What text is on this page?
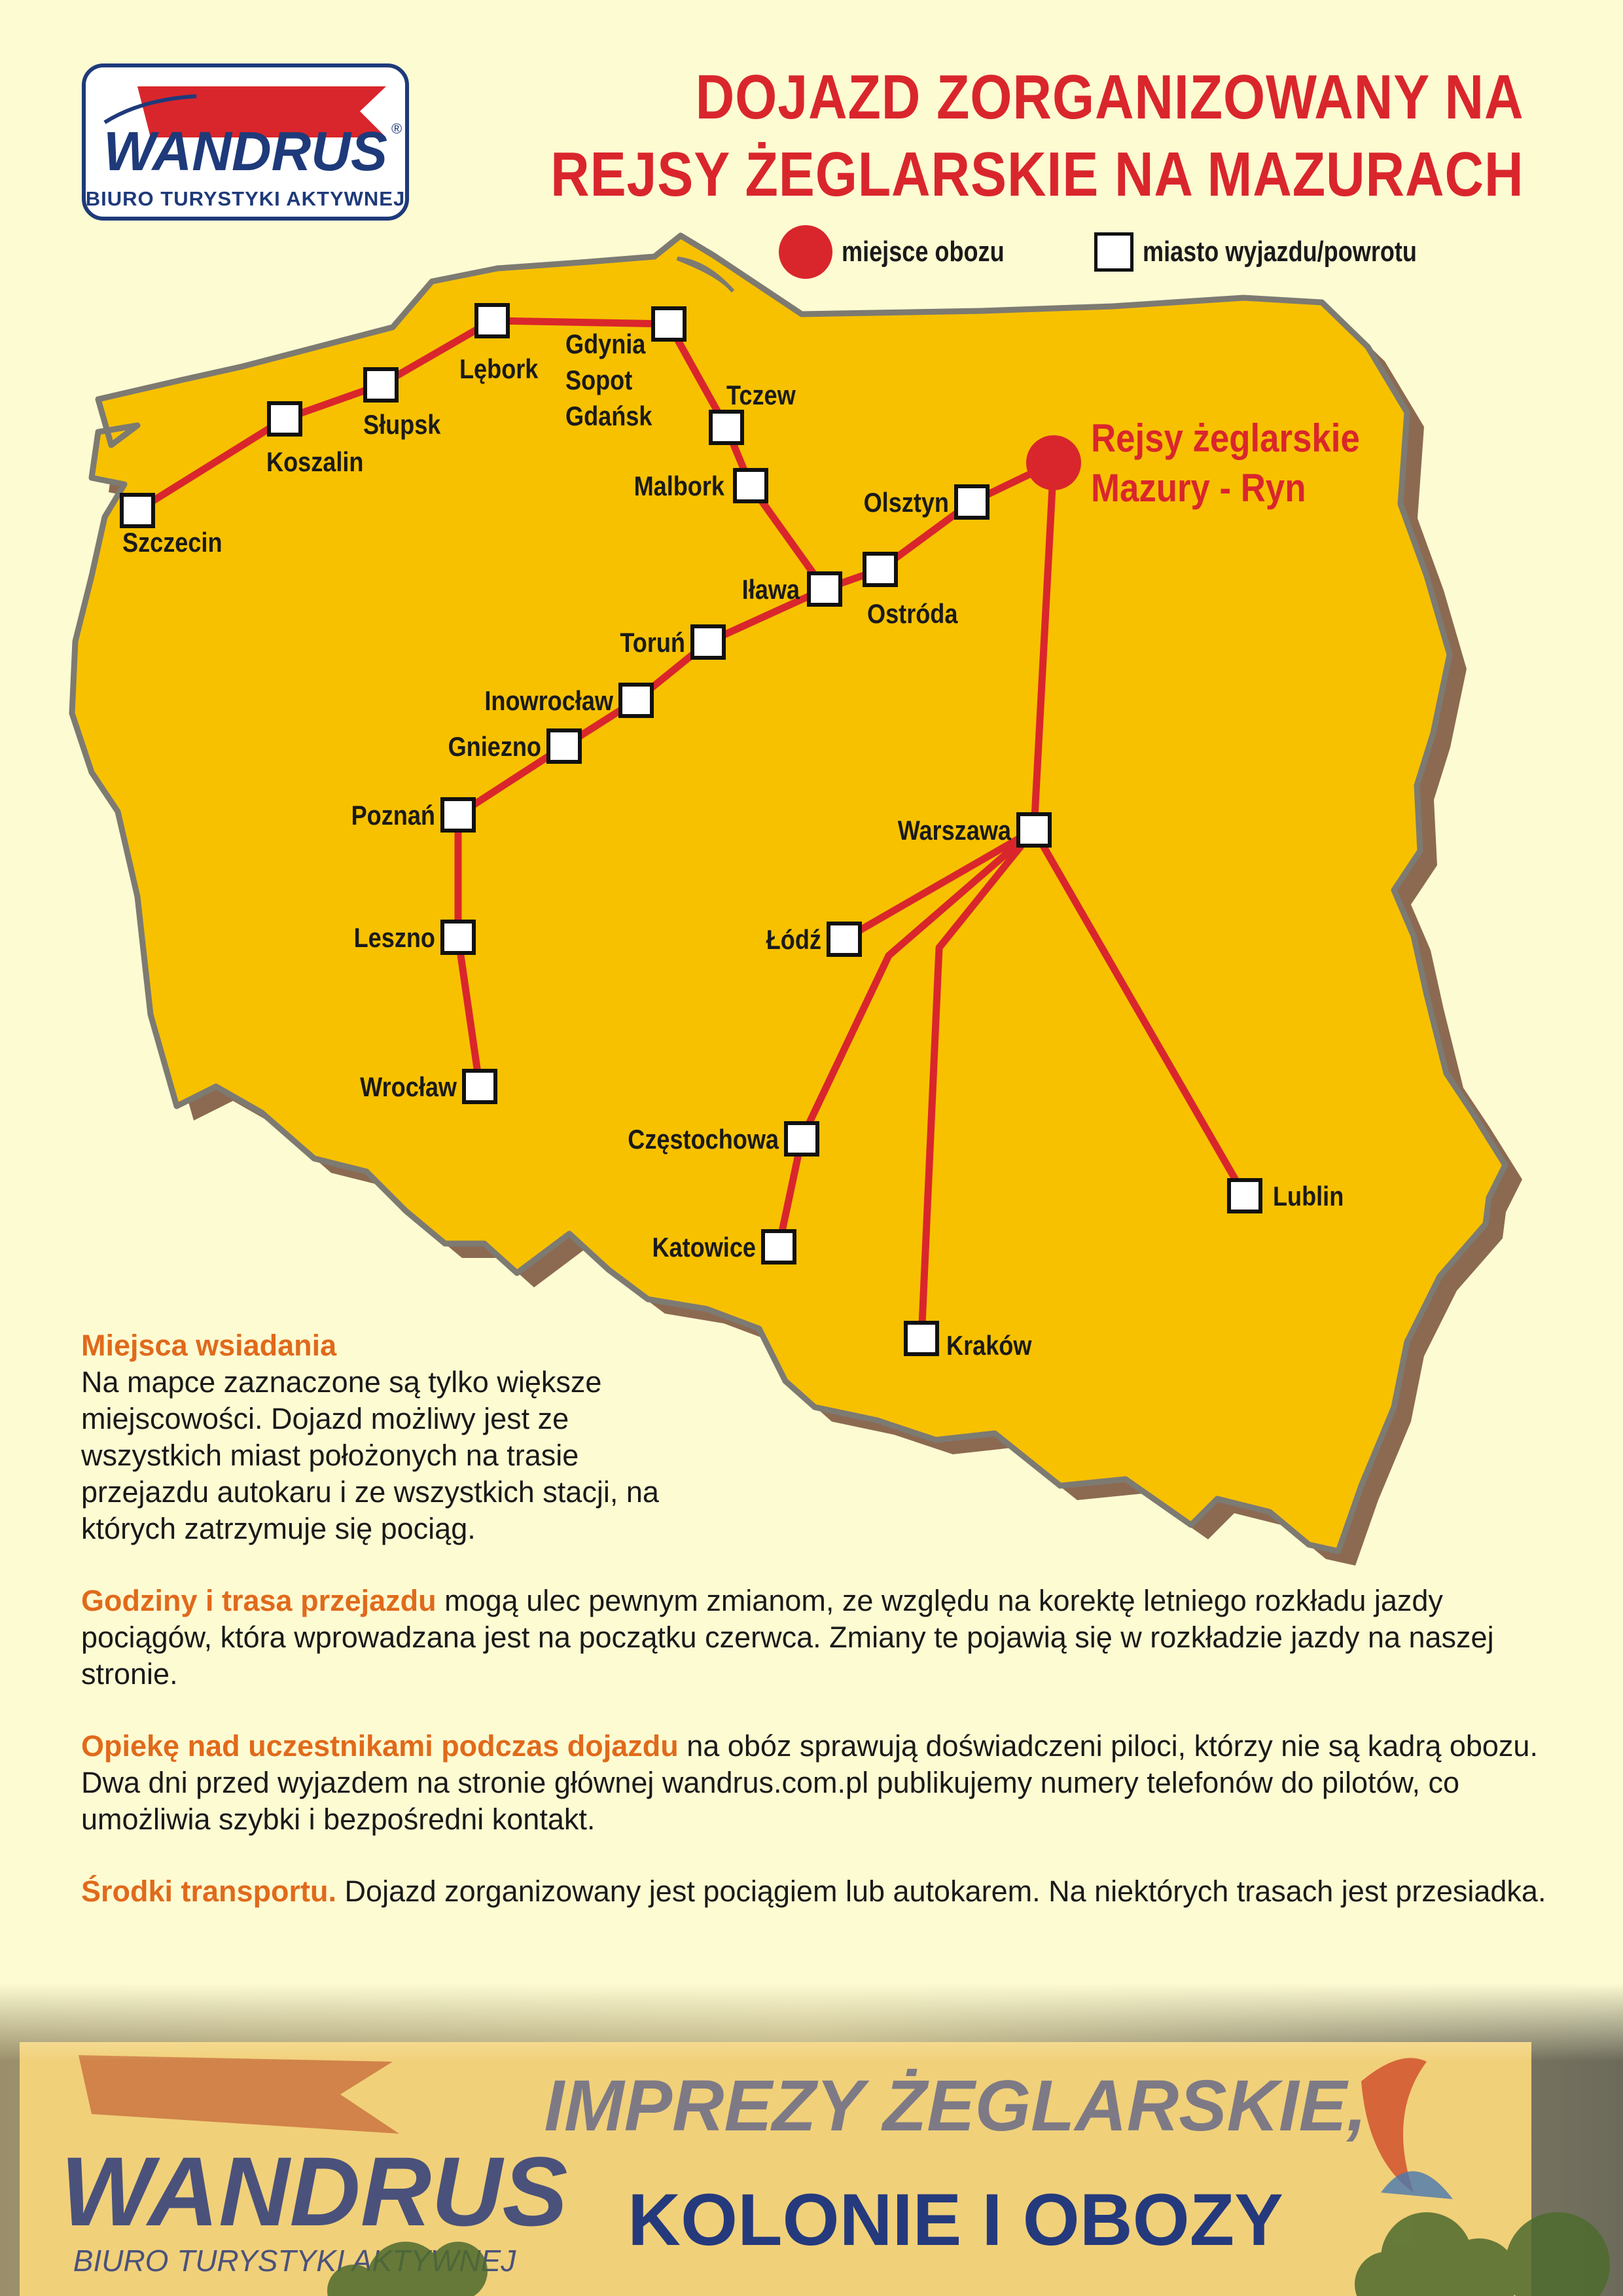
WANDRUS ®
BIURO TURYSTYKI AKTYWNEJ
DOJAZD ZORGANIZOWANY NA
REJSY ŻEGLARSKIE NA MAZURACH
miejsce obozu	miasto wyjazdu/powrotu
Szczecin
Koszalin
Słupsk
Lębork
Gdynia
Sopot
Gdańsk
Tczew
Malbork
Olsztyn
Iława
Ostróda
Toruń
Inowrocław
Gniezno
Poznań
Leszno
Wrocław
Warszawa
Łódź
Częstochowa
Katowice
Kraków
Lublin
Rejsy żeglarskie
Mazury - Ryn
Miejsca wsiadania
Na mapce zaznaczone są tylko większe miejscowości. Dojazd możliwy jest ze wszystkich miast położonych na trasie przejazdu autokaru i ze wszystkich stacji, na których zatrzymuje się pociąg.
Godziny i trasa przejazdu mogą ulec pewnym zmianom, ze względu na korektę letniego rozkładu jazdy pociągów, która wprowadzana jest na początku czerwca. Zmiany te pojawią się w rozkładzie jazdy na naszej stronie.
Opiekę nad uczestnikami podczas dojazdu na obóz sprawują doświadczeni piloci, którzy nie są kadrą obozu. Dwa dni przed wyjazdem na stronie głównej wandrus.com.pl publikujemy numery telefonów do pilotów, co umożliwia szybki i bezpośredni kontakt.
Środki transportu. Dojazd zorganizowany jest pociągiem lub autokarem. Na niektórych trasach jest przesiadka.
